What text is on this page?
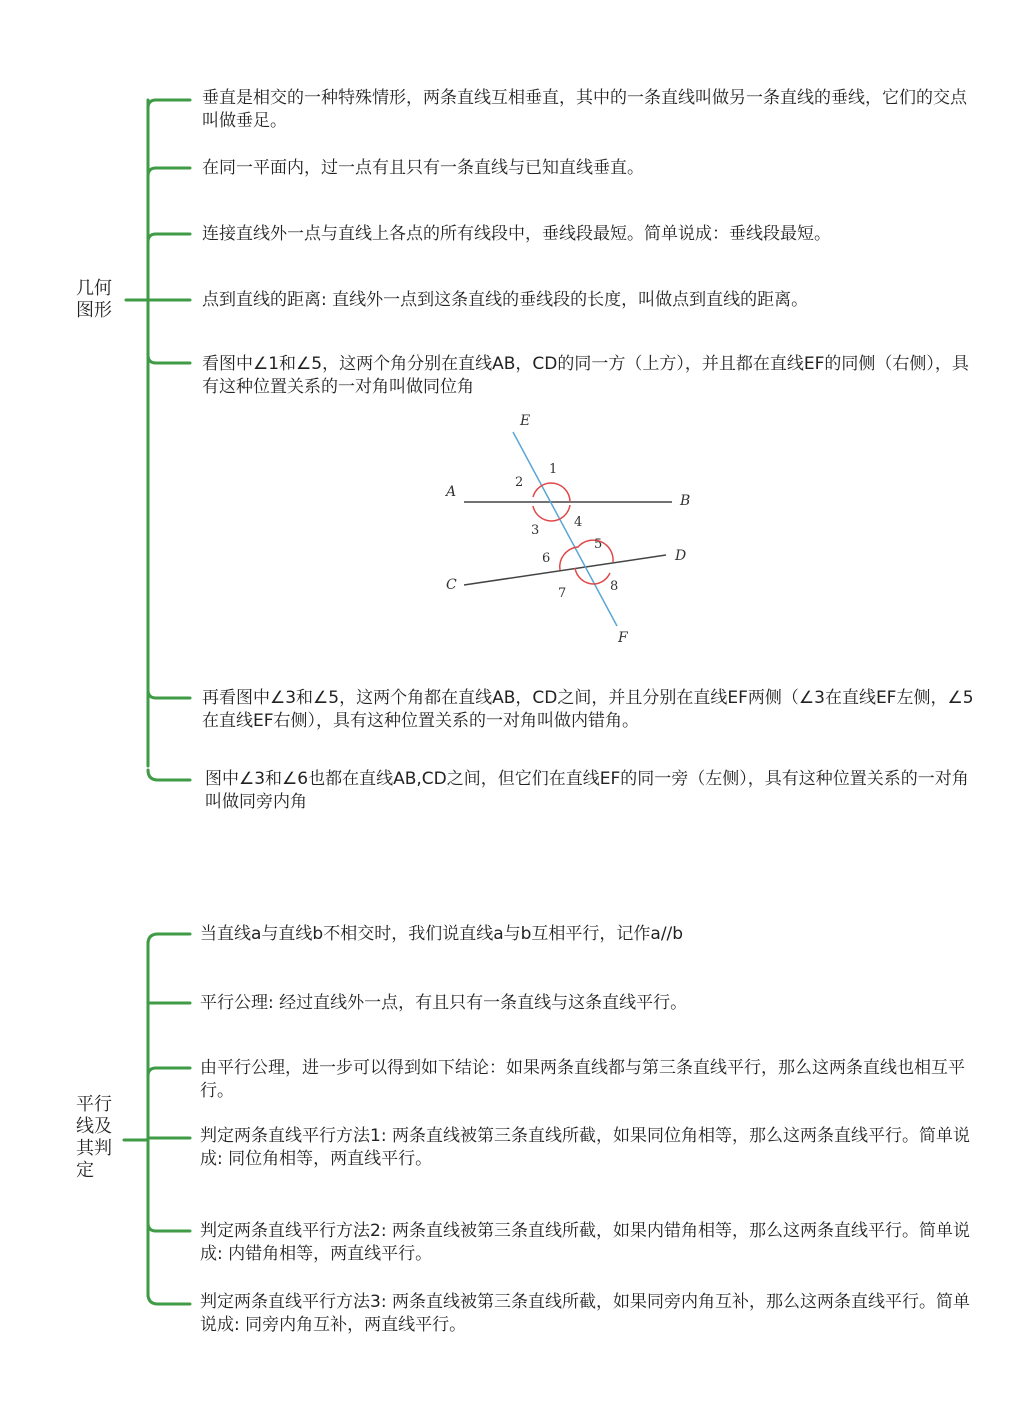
几何
图形
垂直是相交的一种特殊情形，两条直线互相垂直，其中的一条直线叫做另一条直线的垂线，它们的交点叫做垂足。
在同一平面内，过一点有且只有一条直线与已知直线垂直。
连接直线外一点与直线上各点的所有线段中，垂线段最短。简单说成：垂线段最短。
点到直线的距离: 直线外一点到这条直线的垂线段的长度，叫做点到直线的距离。
看图中∠1和∠5，这两个角分别在直线AB，CD的同一方（上方），并且都在直线EF的同侧（右侧），具有这种位置关系的一对角叫做同位角
E
A
B
C
D
F
1
2
3
4
5
6
7	8
再看图中∠3和∠5，这两个角都在直线AB，CD之间，并且分别在直线EF两侧（∠3在直线EF左侧，∠5在直线EF右侧），具有这种位置关系的一对角叫做内错角。
图中∠3和∠6也都在直线AB,CD之间，但它们在直线EF的同一旁（左侧），具有这种位置关系的一对角叫做同旁内角
平行
线及
其判
定
当直线a与直线b不相交时，我们说直线a与b互相平行，记作a//b
平行公理: 经过直线外一点，有且只有一条直线与这条直线平行。
由平行公理，进一步可以得到如下结论：如果两条直线都与第三条直线平行，那么这两条直线也相互平行。
判定两条直线平行方法1: 两条直线被第三条直线所截，如果同位角相等，那么这两条直线平行。简单说成: 同位角相等，两直线平行。
判定两条直线平行方法2: 两条直线被第三条直线所截，如果内错角相等，那么这两条直线平行。简单说成: 内错角相等，两直线平行。
判定两条直线平行方法3: 两条直线被第三条直线所截，如果同旁内角互补，那么这两条直线平行。简单说成: 同旁内角互补，两直线平行。
